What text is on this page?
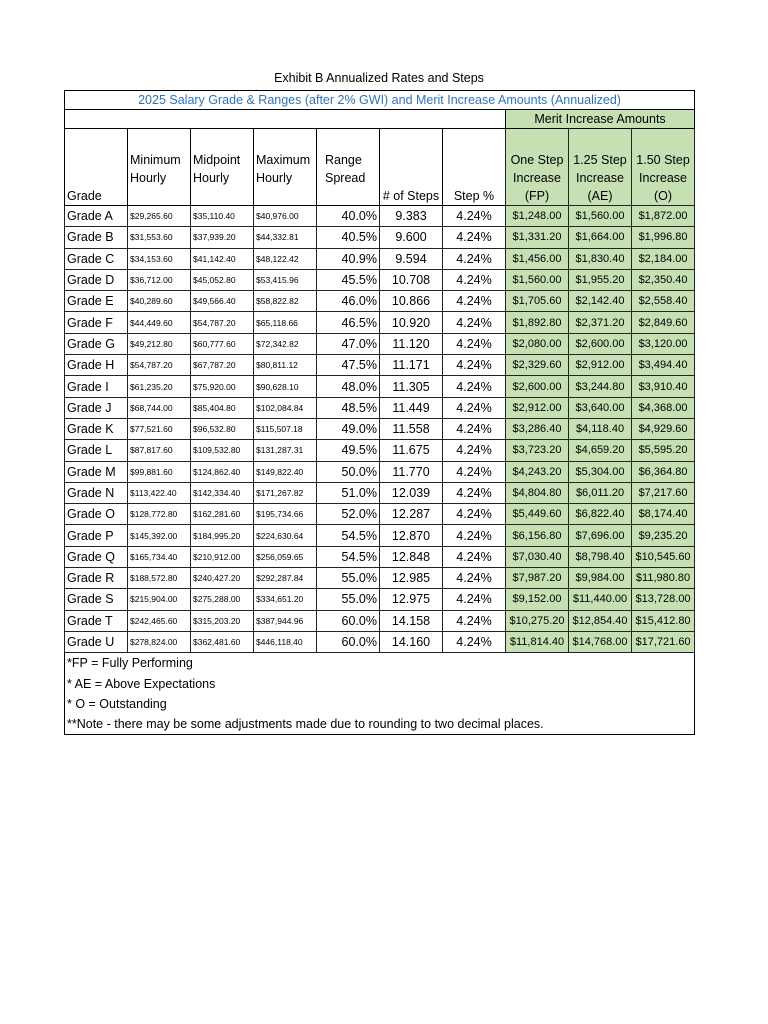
Exhibit B Annualized Rates and Steps
2025 Salary Grade & Ranges (after 2% GWI) and Merit Increase Amounts (Annualized)									
							Merit Increase Amounts		
Grade	Minimum Hourly	Midpoint Hourly	Maximum Hourly	Range Spread	# of Steps	Step %	One Step Increase (FP)	1.25 Step Increase (AE)	1.50 Step Increase (O)
Grade A	$29,265.60	$35,110.40	$40,976.00	40.0%	9.383	4.24%	$1,248.00	$1,560.00	$1,872.00
Grade B	$31,553.60	$37,939.20	$44,332.81	40.5%	9.600	4.24%	$1,331.20	$1,664.00	$1,996.80
Grade C	$34,153.60	$41,142.40	$48,122.42	40.9%	9.594	4.24%	$1,456.00	$1,830.40	$2,184.00
Grade D	$36,712.00	$45,052.80	$53,415.96	45.5%	10.708	4.24%	$1,560.00	$1,955.20	$2,350.40
Grade E	$40,289.60	$49,566.40	$58,822.82	46.0%	10.866	4.24%	$1,705.60	$2,142.40	$2,558.40
Grade F	$44,449.60	$54,787.20	$65,118.66	46.5%	10.920	4.24%	$1,892.80	$2,371.20	$2,849.60
Grade G	$49,212.80	$60,777.60	$72,342.82	47.0%	11.120	4.24%	$2,080.00	$2,600.00	$3,120.00
Grade H	$54,787.20	$67,787.20	$80,811.12	47.5%	11.171	4.24%	$2,329.60	$2,912.00	$3,494.40
Grade I	$61,235.20	$75,920.00	$90,628.10	48.0%	11.305	4.24%	$2,600.00	$3,244.80	$3,910.40
Grade J	$68,744.00	$85,404.80	$102,084.84	48.5%	11.449	4.24%	$2,912.00	$3,640.00	$4,368.00
Grade K	$77,521.60	$96,532.80	$115,507.18	49.0%	11.558	4.24%	$3,286.40	$4,118.40	$4,929.60
Grade L	$87,817.60	$109,532.80	$131,287.31	49.5%	11.675	4.24%	$3,723.20	$4,659.20	$5,595.20
Grade M	$99,881.60	$124,862.40	$149,822.40	50.0%	11.770	4.24%	$4,243.20	$5,304.00	$6,364.80
Grade N	$113,422.40	$142,334.40	$171,267.82	51.0%	12.039	4.24%	$4,804.80	$6,011.20	$7,217.60
Grade O	$128,772.80	$162,281.60	$195,734.66	52.0%	12.287	4.24%	$5,449.60	$6,822.40	$8,174.40
Grade P	$145,392.00	$184,995.20	$224,630.64	54.5%	12.870	4.24%	$6,156.80	$7,696.00	$9,235.20
Grade Q	$165,734.40	$210,912.00	$256,059.65	54.5%	12.848	4.24%	$7,030.40	$8,798.40	$10,545.60
Grade R	$188,572.80	$240,427.20	$292,287.84	55.0%	12.985	4.24%	$7,987.20	$9,984.00	$11,980.80
Grade S	$215,904.00	$275,288.00	$334,651.20	55.0%	12.975	4.24%	$9,152.00	$11,440.00	$13,728.00
Grade T	$242,465.60	$315,203.20	$387,944.96	60.0%	14.158	4.24%	$10,275.20	$12,854.40	$15,412.80
Grade U	$278,824.00	$362,481.60	$446,118.40	60.0%	14.160	4.24%	$11,814.40	$14,768.00	$17,721.60
*FP = Fully Performing									
* AE = Above Expectations									
* O = Outstanding									
**Note - there may be some adjustments made due to rounding to two decimal places.									
